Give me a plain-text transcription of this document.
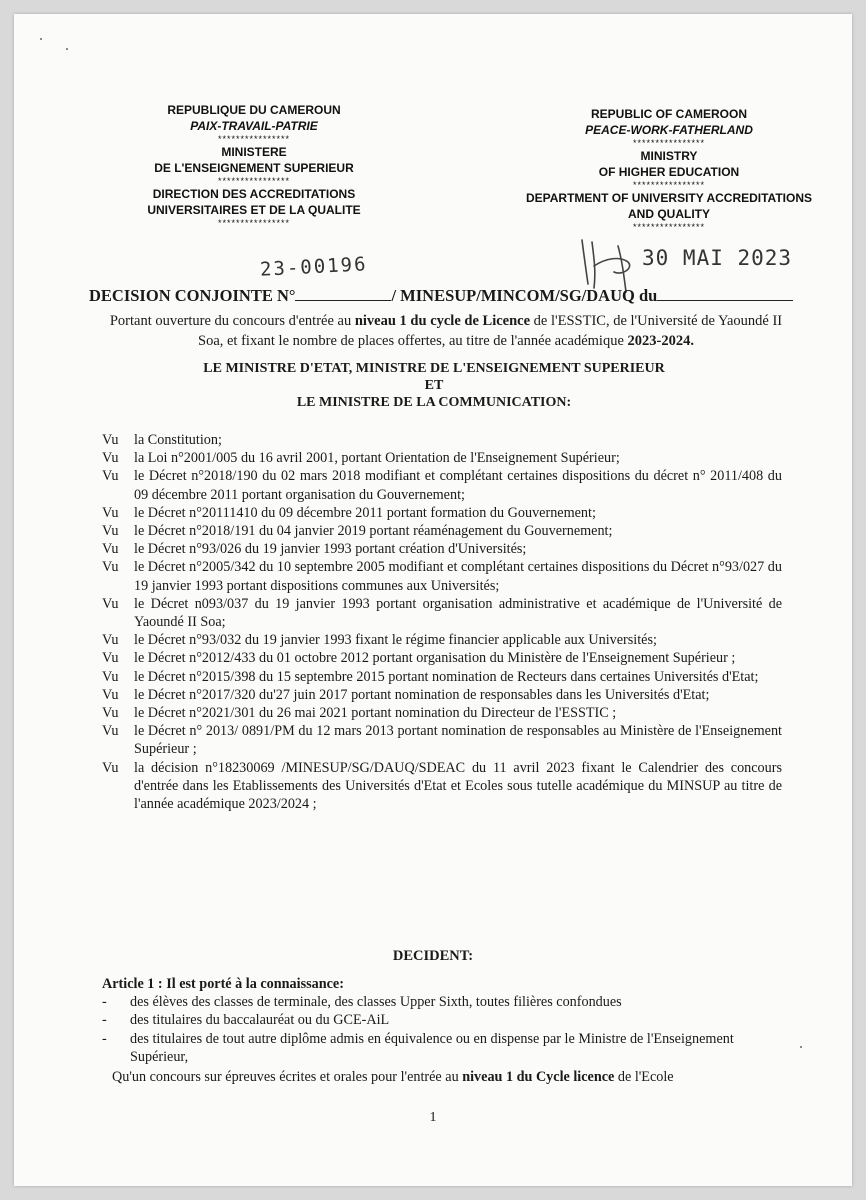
REPUBLIQUE DU CAMEROUN
PAIX-TRAVAIL-PATRIE
****************
MINISTERE
DE L'ENSEIGNEMENT SUPERIEUR
****************
DIRECTION DES ACCREDITATIONS
UNIVERSITAIRES ET DE LA QUALITE
****************
REPUBLIC OF CAMEROON
PEACE-WORK-FATHERLAND
****************
MINISTRY
OF HIGHER EDUCATION
****************
DEPARTMENT OF UNIVERSITY ACCREDITATIONS
AND QUALITY
****************
23-00196	30 MAI 2023
DECISION CONJOINTE N°	/ MINESUP/MINCOM/SG/DAUQ du
Portant ouverture du concours d'entrée au niveau 1 du cycle de Licence de l'ESSTIC, de l'Université de Yaoundé II Soa, et fixant le nombre de places offertes, au titre de l'année académique 2023-2024.
LE MINISTRE D'ETAT, MINISTRE DE L'ENSEIGNEMENT SUPERIEUR
ET
LE MINISTRE DE LA COMMUNICATION:
Vu	la Constitution;
Vu	la Loi n°2001/005 du 16 avril 2001, portant Orientation de l'Enseignement Supérieur;
Vu	le Décret n°2018/190 du 02 mars 2018 modifiant et complétant certaines dispositions du décret n° 2011/408 du 09 décembre 2011 portant organisation du Gouvernement;
Vu	le Décret n°20111410 du 09 décembre 2011 portant formation du Gouvernement;
Vu	le Décret n°2018/191 du 04 janvier 2019 portant réaménagement du Gouvernement;
Vu	le Décret n°93/026 du 19 janvier 1993 portant création d'Universités;
Vu	le Décret n°2005/342 du 10 septembre 2005 modifiant et complétant certaines dispositions du Décret n°93/027 du 19 janvier 1993 portant dispositions communes aux Universités;
Vu	le Décret n093/037 du 19 janvier 1993 portant organisation administrative et académique de l'Université de Yaoundé II Soa;
Vu	le Décret n°93/032 du 19 janvier 1993 fixant le régime financier applicable aux Universités;
Vu	le Décret n°2012/433 du 01 octobre 2012 portant organisation du Ministère de l'Enseignement Supérieur ;
Vu	le Décret n°2015/398 du 15 septembre 2015 portant nomination de Recteurs dans certaines Universités d'Etat;
Vu	le Décret n°2017/320 du'27 juin 2017 portant nomination de responsables dans les Universités d'Etat;
Vu	le Décret n°2021/301 du 26 mai 2021 portant nomination du Directeur de l'ESSTIC ;
Vu	le Décret n° 2013/ 0891/PM du 12 mars 2013 portant nomination de responsables au Ministère de l'Enseignement Supérieur ;
Vu	la décision n°18230069 /MINESUP/SG/DAUQ/SDEAC du 11 avril 2023 fixant le Calendrier des concours d'entrée dans les Etablissements des Universités d'Etat et Ecoles sous tutelle académique du MINSUP au titre de l'année académique 2023/2024 ;
DECIDENT:
Article 1 : Il est porté à la connaissance:
-	des élèves des classes de terminale, des classes Upper Sixth, toutes filières confondues
-	des titulaires du baccalauréat ou du GCE-AiL
-	des titulaires de tout autre diplôme admis en équivalence ou en dispense par le Ministre de l'Enseignement Supérieur,
Qu'un concours sur épreuves écrites et orales pour l'entrée au niveau 1 du Cycle licence de l'Ecole
1
